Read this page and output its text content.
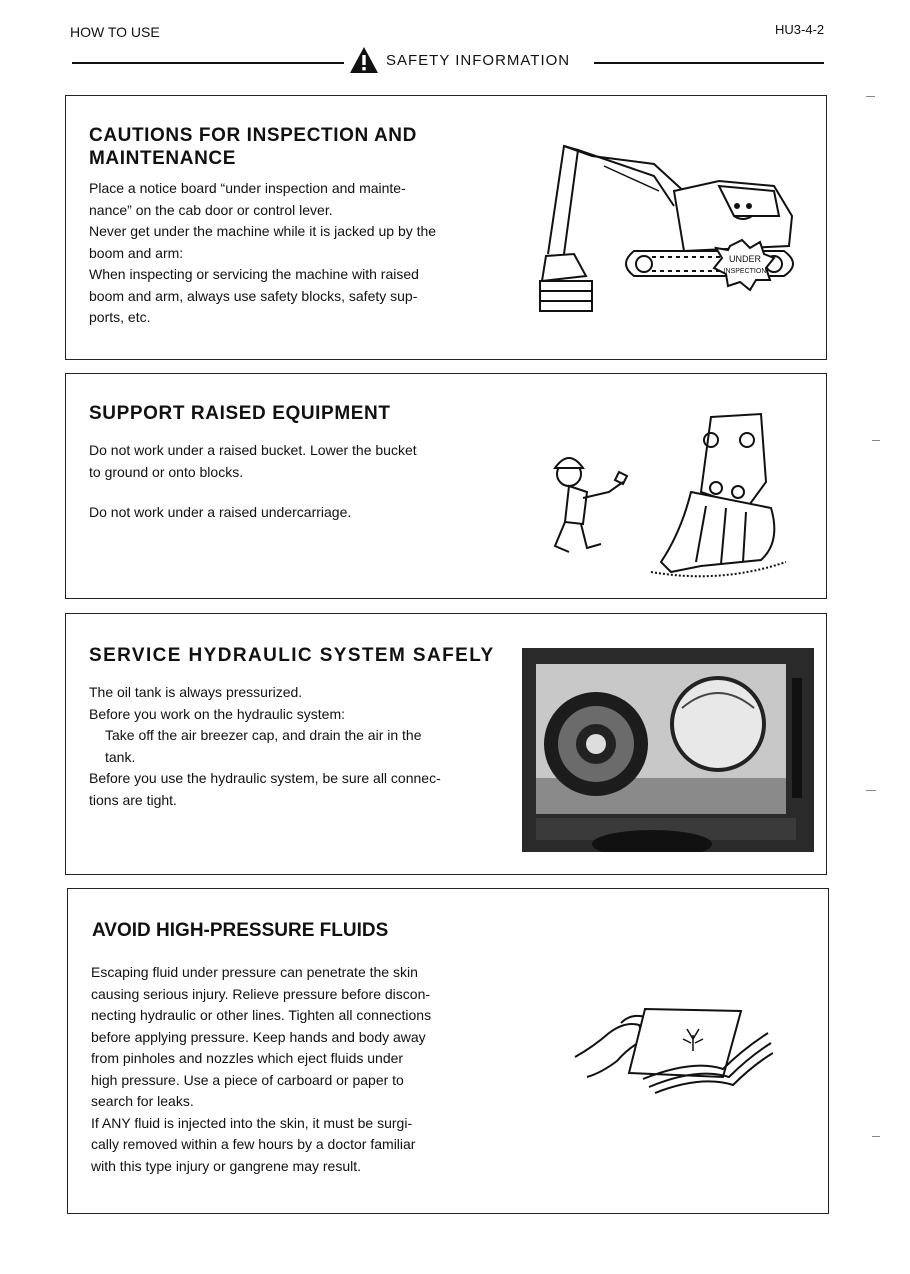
HOW TO USE	HU3-4-2
SAFETY INFORMATION
CAUTIONS FOR INSPECTION AND
MAINTENANCE
Place a notice board “under inspection and mainte-
nance” on the cab door or control lever.
Never get under the machine while it is jacked up by the
boom and arm:
When inspecting or servicing the machine with raised
boom and arm, always use safety blocks, safety sup-
ports, etc.
UNDER
INSPECTION
SUPPORT RAISED EQUIPMENT
Do not work under a raised bucket. Lower the bucket
to ground or onto blocks.
Do not work under a raised undercarriage.
SERVICE HYDRAULIC SYSTEM SAFELY
The oil tank is always pressurized.
Before you work on the hydraulic system:
Take off the air breezer cap, and drain the air in the
tank.
Before you use the hydraulic system, be sure all connec-
tions are tight.
AVOID HIGH-PRESSURE FLUIDS
Escaping fluid under pressure can penetrate the skin
causing serious injury. Relieve pressure before discon-
necting hydraulic or other lines. Tighten all connections
before applying pressure. Keep hands and body away
from pinholes and nozzles which eject fluids under
high pressure. Use a piece of carboard or paper to
search for leaks.
If ANY fluid is injected into the skin, it must be surgi-
cally removed within a few hours by a doctor familiar
with this type injury or gangrene may result.
